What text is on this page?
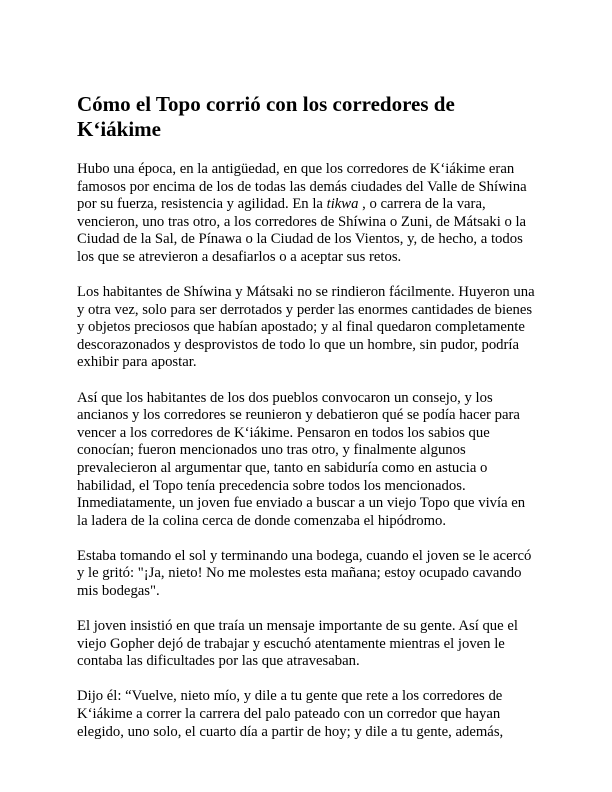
Cómo el Topo corrió con los corredores de K‘iákime

Hubo una época, en la antigüedad, en que los corredores de K‘iákime eran famosos por encima de los de todas las demás ciudades del Valle de Shíwina por su fuerza, resistencia y agilidad. En la tikwa , o carrera de la vara, vencieron, uno tras otro, a los corredores de Shíwina o Zuni, de Mátsaki o la Ciudad de la Sal, de Pínawa o la Ciudad de los Vientos, y, de hecho, a todos los que se atrevieron a desafiarlos o a aceptar sus retos.

Los habitantes de Shíwina y Mátsaki no se rindieron fácilmente. Huyeron una y otra vez, solo para ser derrotados y perder las enormes cantidades de bienes y objetos preciosos que habían apostado; y al final quedaron completamente descorazonados y desprovistos de todo lo que un hombre, sin pudor, podría exhibir para apostar.

Así que los habitantes de los dos pueblos convocaron un consejo, y los ancianos y los corredores se reunieron y debatieron qué se podía hacer para vencer a los corredores de K‘iákime. Pensaron en todos los sabios que conocían; fueron mencionados uno tras otro, y finalmente algunos prevalecieron al argumentar que, tanto en sabiduría como en astucia o habilidad, el Topo tenía precedencia sobre todos los mencionados. Inmediatamente, un joven fue enviado a buscar a un viejo Topo que vivía en la ladera de la colina cerca de donde comenzaba el hipódromo.

Estaba tomando el sol y terminando una bodega, cuando el joven se le acercó y le gritó: "¡Ja, nieto! No me molestes esta mañana; estoy ocupado cavando mis bodegas".

El joven insistió en que traía un mensaje importante de su gente. Así que el viejo Gopher dejó de trabajar y escuchó atentamente mientras el joven le contaba las dificultades por las que atravesaban.

Dijo él: “Vuelve, nieto mío, y dile a tu gente que rete a los corredores de K‘iákime a correr la carrera del palo pateado con un corredor que hayan elegido, uno solo, el cuarto día a partir de hoy; y dile a tu gente, además,
